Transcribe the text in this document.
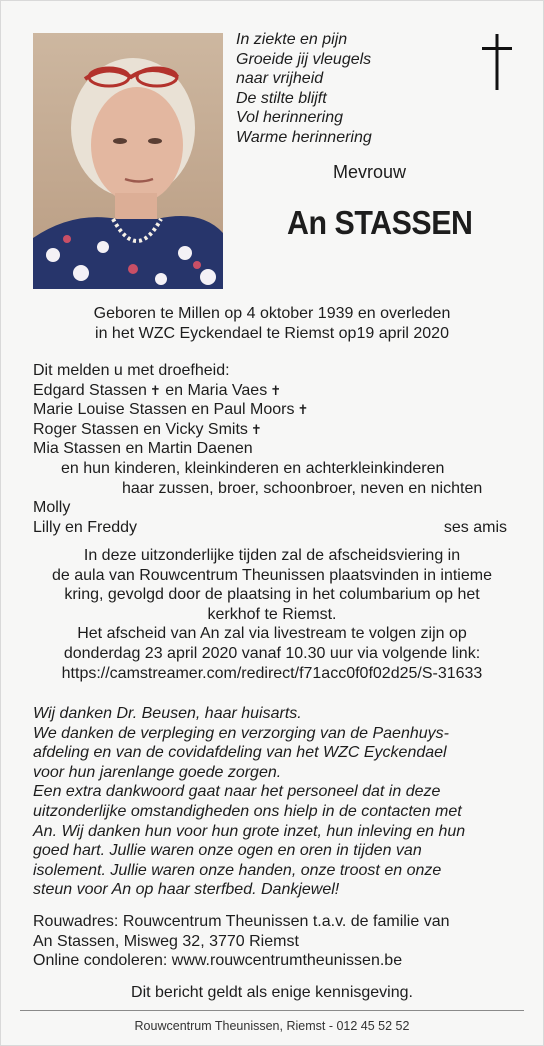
In ziekte en pijn
Groeide jij vleugels
naar vrijheid
De stilte blijft
Vol herinnering
Warme herinnering
Mevrouw
An STASSEN
Geboren te Millen op 4 oktober 1939 en overleden
in het WZC Eyckendael te Riemst op19 april 2020
Dit melden u met droefheid:
Edgard Stassen ✝ en Maria Vaes ✝
Marie Louise Stassen en Paul Moors ✝
Roger Stassen en Vicky Smits ✝
Mia Stassen en Martin Daenen
en hun kinderen, kleinkinderen en achterkleinkinderen
haar zussen, broer, schoonbroer, neven en nichten
Molly
Lilly en Freddy	ses amis
In deze uitzonderlijke tijden zal de afscheidsviering in
de aula van Rouwcentrum Theunissen plaatsvinden in intieme
kring, gevolgd door de plaatsing in het columbarium op het
kerkhof te Riemst.
Het afscheid van An zal via livestream te volgen zijn op
donderdag 23 april 2020 vanaf 10.30 uur via volgende link:
https://camstreamer.com/redirect/f71acc0f0f02d25/S-31633
Wij danken Dr. Beusen, haar huisarts.
We danken de verpleging en verzorging van de Paenhuys-
afdeling en van de covidafdeling van het WZC Eyckendael
voor hun jarenlange goede zorgen.
Een extra dankwoord gaat naar het personeel dat in deze
uitzonderlijke omstandigheden ons hielp in de contacten met
An. Wij danken hun voor hun grote inzet, hun inleving en hun
goed hart. Jullie waren onze ogen en oren in tijden van
isolement. Jullie waren onze handen, onze troost en onze
steun voor An op haar sterfbed. Dankjewel!
Rouwadres: Rouwcentrum Theunissen t.a.v. de familie van
An Stassen, Misweg 32, 3770 Riemst
Online condoleren: www.rouwcentrumtheunissen.be
Dit bericht geldt als enige kennisgeving.
Rouwcentrum Theunissen, Riemst - 012 45 52 52
